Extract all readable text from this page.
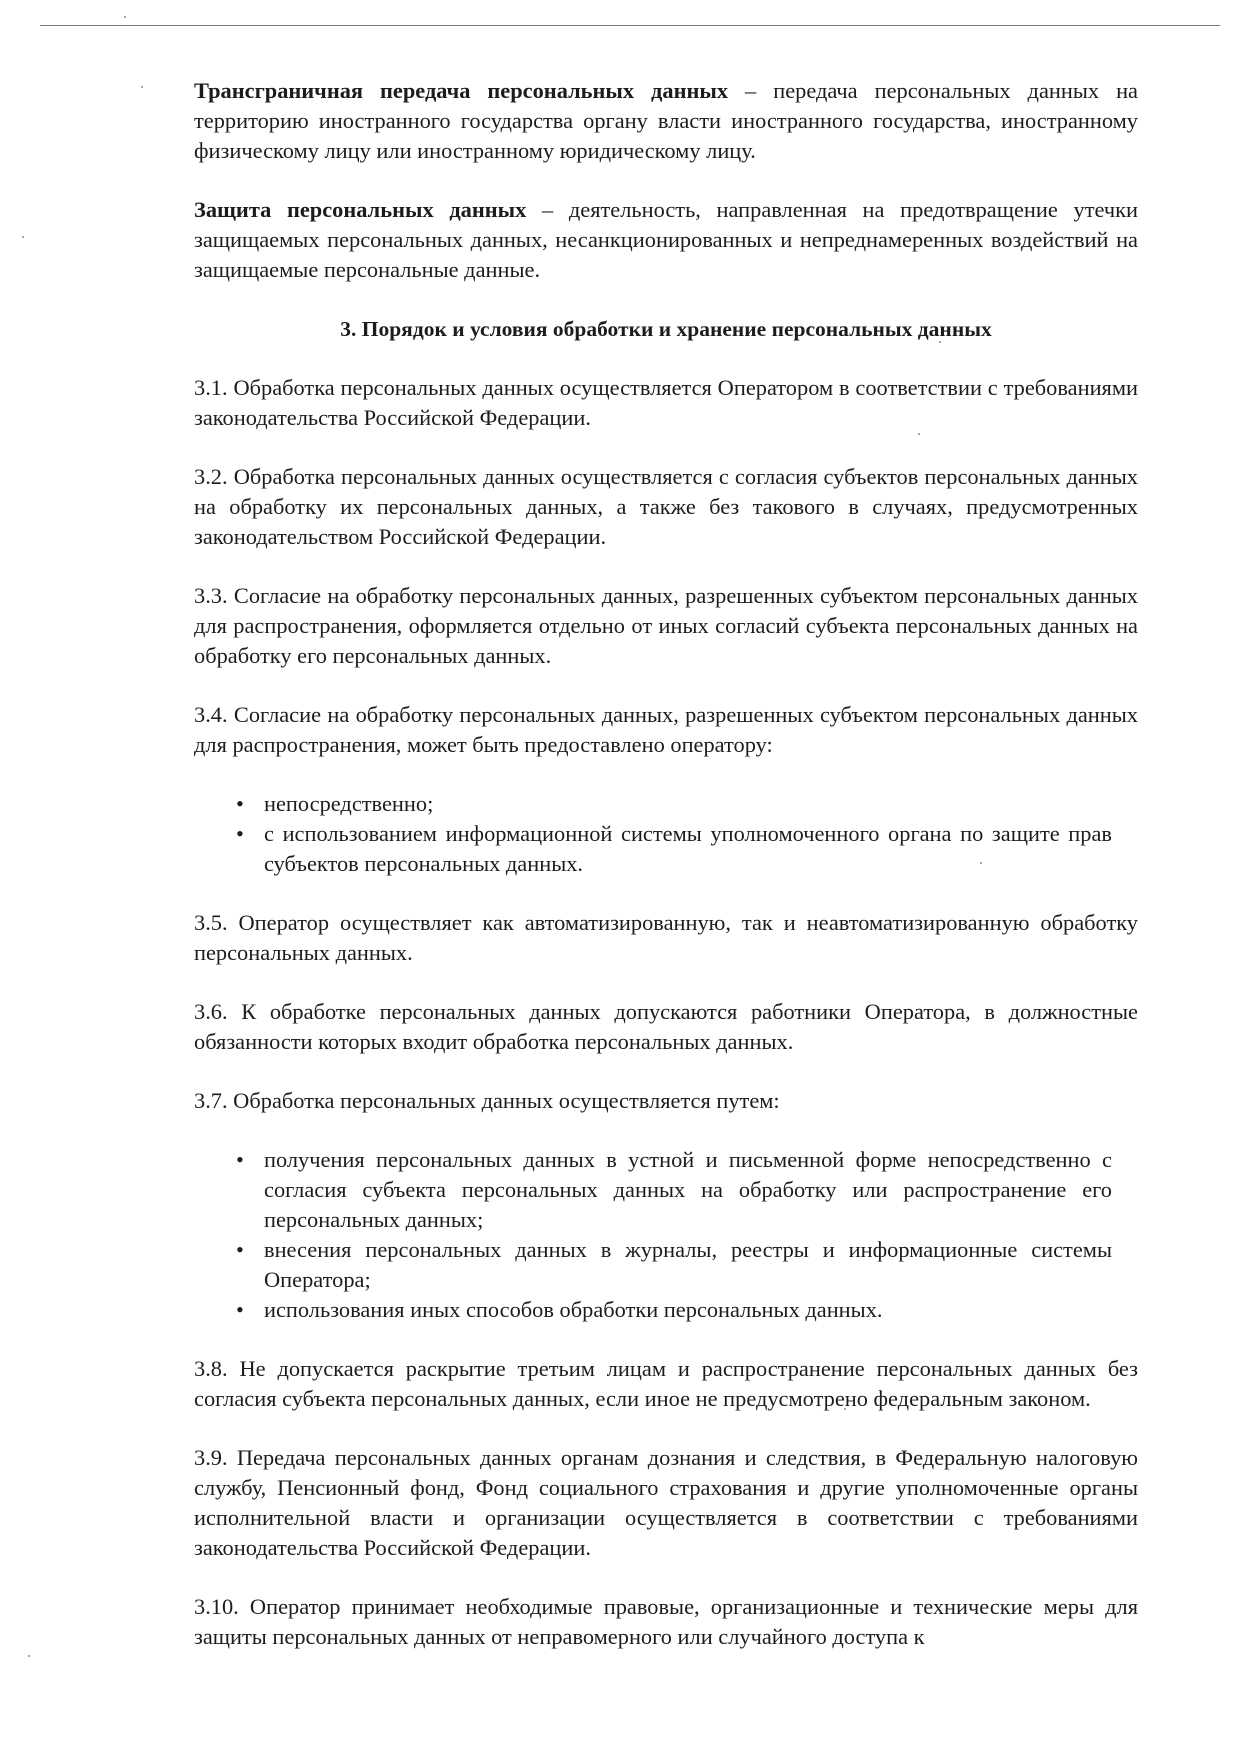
Трансграничная передача персональных данных – передача персональных данных на территорию иностранного государства органу власти иностранного государства, иностранному физическому лицу или иностранному юридическому лицу.

Защита персональных данных – деятельность, направленная на предотвращение утечки защищаемых персональных данных, несанкционированных и непреднамеренных воздействий на защищаемые персональные данные.

3. Порядок и условия обработки и хранение персональных данных

3.1. Обработка персональных данных осуществляется Оператором в соответствии с требованиями законодательства Российской Федерации.

3.2. Обработка персональных данных осуществляется с согласия субъектов персональных данных на обработку их персональных данных, а также без такового в случаях, предусмотренных законодательством Российской Федерации.

3.3. Согласие на обработку персональных данных, разрешенных субъектом персональных данных для распространения, оформляется отдельно от иных согласий субъекта персональных данных на обработку его персональных данных.

3.4. Согласие на обработку персональных данных, разрешенных субъектом персональных данных для распространения, может быть предоставлено оператору:

• непосредственно;
• с использованием информационной системы уполномоченного органа по защите прав субъектов персональных данных.

3.5. Оператор осуществляет как автоматизированную, так и неавтоматизированную обработку персональных данных.

3.6. К обработке персональных данных допускаются работники Оператора, в должностные обязанности которых входит обработка персональных данных.

3.7. Обработка персональных данных осуществляется путем:

• получения персональных данных в устной и письменной форме непосредственно с согласия субъекта персональных данных на обработку или распространение его персональных данных;
• внесения персональных данных в журналы, реестры и информационные системы Оператора;
• использования иных способов обработки персональных данных.

3.8. Не допускается раскрытие третьим лицам и распространение персональных данных без согласия субъекта персональных данных, если иное не предусмотрено федеральным законом.

3.9. Передача персональных данных органам дознания и следствия, в Федеральную налоговую службу, Пенсионный фонд, Фонд социального страхования и другие уполномоченные органы исполнительной власти и организации осуществляется в соответствии с требованиями законодательства Российской Федерации.

3.10. Оператор принимает необходимые правовые, организационные и технические меры для защиты персональных данных от неправомерного или случайного доступа к
